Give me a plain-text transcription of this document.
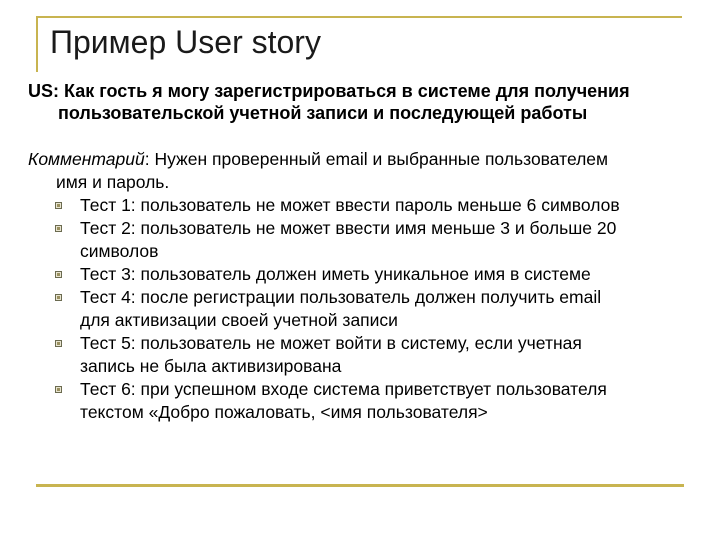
Пример User story
US: Как гость я могу зарегистрироваться в системе для получения
пользовательской учетной записи и последующей работы
Комментарий: Нужен проверенный email и выбранные пользователем
имя и пароль.
Тест 1: пользователь не может ввести пароль меньше 6 символов
Тест 2: пользователь не может ввести имя меньше 3 и больше 20
символов
Тест 3: пользователь должен иметь уникальное имя в системе
Тест 4: после регистрации пользователь должен получить email
для активизации своей учетной записи
Тест 5: пользователь не может войти в систему, если учетная
запись не была активизирована
Тест 6: при успешном входе система приветствует пользователя
текстом «Добро пожаловать, <имя пользователя>
